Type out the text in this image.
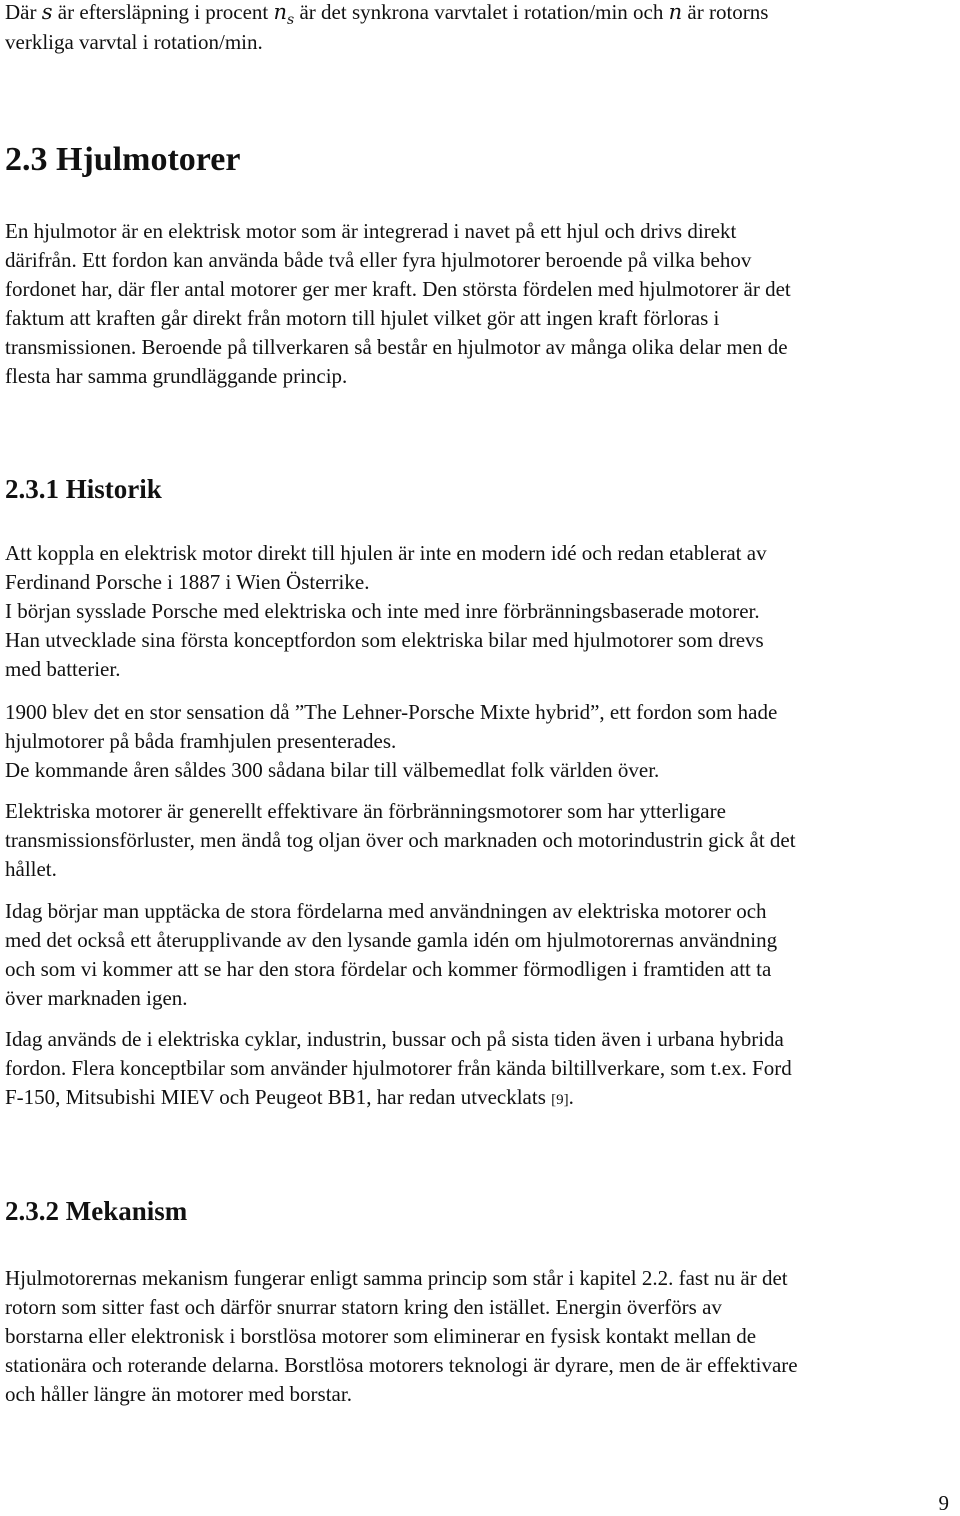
Där s är eftersläpning i procent $n_s$ är det synkrona varvtalet i rotation/min och n är rotorns
verkliga varvtal i rotation/min.
2.3 Hjulmotorer
En hjulmotor är en elektrisk motor som är integrerad i navet på ett hjul och drivs direkt
därifrån. Ett fordon kan använda både två eller fyra hjulmotorer beroende på vilka behov
fordonet har, där fler antal motorer ger mer kraft. Den största fördelen med hjulmotorer är det
faktum att kraften går direkt från motorn till hjulet vilket gör att ingen kraft förloras i
transmissionen. Beroende på tillverkaren så består en hjulmotor av många olika delar men de
flesta har samma grundläggande princip.
2.3.1 Historik
Att koppla en elektrisk motor direkt till hjulen är inte en modern idé och redan etablerat av
Ferdinand Porsche i 1887 i Wien Österrike.
I början sysslade Porsche med elektriska och inte med inre förbränningsbaserade motorer.
Han utvecklade sina första konceptfordon som elektriska bilar med hjulmotorer som drevs
med batterier.
1900 blev det en stor sensation då ”The Lehner-Porsche Mixte hybrid”, ett fordon som hade
hjulmotorer på båda framhjulen presenterades.
De kommande åren såldes 300 sådana bilar till välbemedlat folk världen över.
Elektriska motorer är generellt effektivare än förbränningsmotorer som har ytterligare
transmissionsförluster, men ändå tog oljan över och marknaden och motorindustrin gick åt det
hållet.
Idag börjar man upptäcka de stora fördelarna med användningen av elektriska motorer och
med det också ett återupplivande av den lysande gamla idén om hjulmotorernas användning
och som vi kommer att se har den stora fördelar och kommer förmodligen i framtiden att ta
över marknaden igen.
Idag används de i elektriska cyklar, industrin, bussar och på sista tiden även i urbana hybrida
fordon. Flera konceptbilar som använder hjulmotorer från kända biltillverkare, som t.ex. Ford
F-150, Mitsubishi MIEV och Peugeot BB1, har redan utvecklats [9].
2.3.2 Mekanism
Hjulmotorernas mekanism fungerar enligt samma princip som står i kapitel 2.2. fast nu är det
rotorn som sitter fast och därför snurrar statorn kring den istället. Energin överförs av
borstarna eller elektronisk i borstlösa motorer som eliminerar en fysisk kontakt mellan de
stationära och roterande delarna. Borstlösa motorers teknologi är dyrare, men de är effektivare
och håller längre än motorer med borstar.
9
